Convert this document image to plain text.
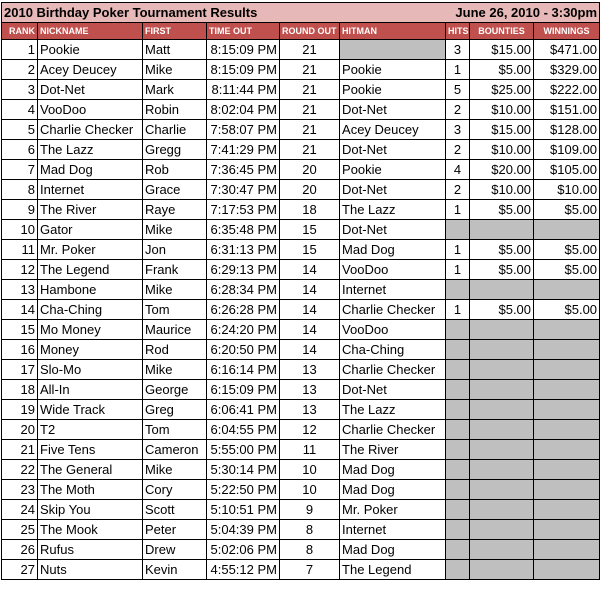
2010 Birthday Poker Tournament Results					June 26, 2010 - 3:30pm			
RANK	NICKNAME	FIRST	TIME OUT	ROUND OUT	HITMAN	HITS	BOUNTIES	WINNINGS
1	Pookie	Matt	8:15:09 PM	21		3	$15.00	$471.00
2	Acey Deucey	Mike	8:15:09 PM	21	Pookie	1	$5.00	$329.00
3	Dot-Net	Mark	8:11:44 PM	21	Pookie	5	$25.00	$222.00
4	VooDoo	Robin	8:02:04 PM	21	Dot-Net	2	$10.00	$151.00
5	Charlie Checker	Charlie	7:58:07 PM	21	Acey Deucey	3	$15.00	$128.00
6	The Lazz	Gregg	7:41:29 PM	21	Dot-Net	2	$10.00	$109.00
7	Mad Dog	Rob	7:36:45 PM	20	Pookie	4	$20.00	$105.00
8	Internet	Grace	7:30:47 PM	20	Dot-Net	2	$10.00	$10.00
9	The River	Raye	7:17:53 PM	18	The Lazz	1	$5.00	$5.00
10	Gator	Mike	6:35:48 PM	15	Dot-Net			
11	Mr. Poker	Jon	6:31:13 PM	15	Mad Dog	1	$5.00	$5.00
12	The Legend	Frank	6:29:13 PM	14	VooDoo	1	$5.00	$5.00
13	Hambone	Mike	6:28:34 PM	14	Internet			
14	Cha-Ching	Tom	6:26:28 PM	14	Charlie Checker	1	$5.00	$5.00
15	Mo Money	Maurice	6:24:20 PM	14	VooDoo			
16	Money	Rod	6:20:50 PM	14	Cha-Ching			
17	Slo-Mo	Mike	6:16:14 PM	13	Charlie Checker			
18	All-In	George	6:15:09 PM	13	Dot-Net			
19	Wide Track	Greg	6:06:41 PM	13	The Lazz			
20	T2	Tom	6:04:55 PM	12	Charlie Checker			
21	Five Tens	Cameron	5:55:00 PM	11	The River			
22	The General	Mike	5:30:14 PM	10	Mad Dog			
23	The Moth	Cory	5:22:50 PM	10	Mad Dog			
24	Skip You	Scott	5:10:51 PM	9	Mr. Poker			
25	The Mook	Peter	5:04:39 PM	8	Internet			
26	Rufus	Drew	5:02:06 PM	8	Mad Dog			
27	Nuts	Kevin	4:55:12 PM	7	The Legend			
